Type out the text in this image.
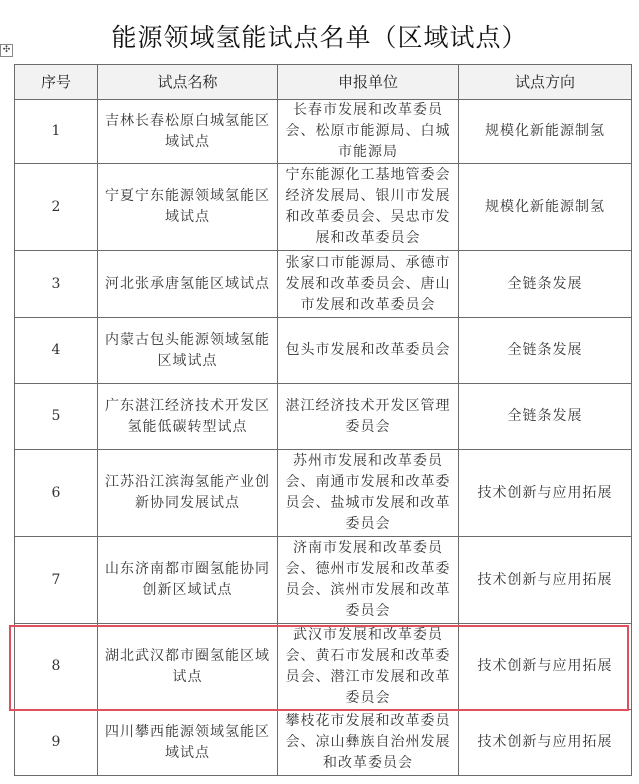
能源领域氢能试点名单（区域试点）
✣
序号	试点名称	申报单位	试点方向
1	吉林长春松原白城氢能区域试点	长春市发展和改革委员会、松原市能源局、白城市能源局	规模化新能源制氢
2	宁夏宁东能源领域氢能区域试点	宁东能源化工基地管委会经济发展局、银川市发展和改革委员会、吴忠市发展和改革委员会	规模化新能源制氢
3	河北张承唐氢能区域试点	张家口市能源局、承德市发展和改革委员会、唐山市发展和改革委员会	全链条发展
4	内蒙古包头能源领域氢能区域试点	包头市发展和改革委员会	全链条发展
5	广东湛江经济技术开发区氢能低碳转型试点	湛江经济技术开发区管理委员会	全链条发展
6	江苏沿江滨海氢能产业创新协同发展试点	苏州市发展和改革委员会、南通市发展和改革委员会、盐城市发展和改革委员会	技术创新与应用拓展
7	山东济南都市圈氢能协同创新区域试点	济南市发展和改革委员会、德州市发展和改革委员会、滨州市发展和改革委员会	技术创新与应用拓展
8	湖北武汉都市圈氢能区域试点	武汉市发展和改革委员会、黄石市发展和改革委员会、潜江市发展和改革委员会	技术创新与应用拓展
9	四川攀西能源领域氢能区域试点	攀枝花市发展和改革委员会、凉山彝族自治州发展和改革委员会	技术创新与应用拓展
